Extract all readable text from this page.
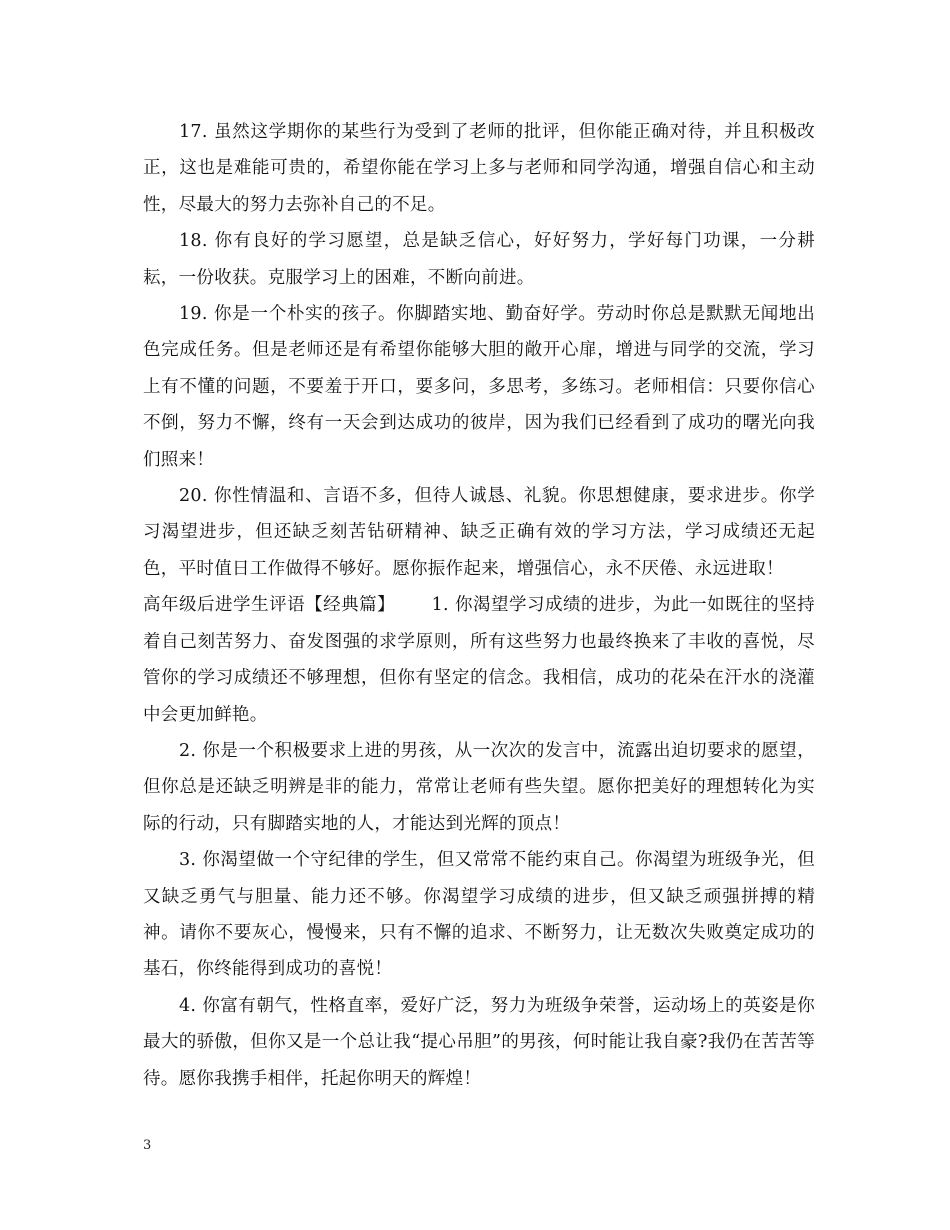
17. 虽然这学期你的某些行为受到了老师的批评，但你能正确对待，并且积极改正，这也是难能可贵的，希望你能在学习上多与老师和同学沟通，增强自信心和主动性，尽最大的努力去弥补自己的不足。

18. 你有良好的学习愿望，总是缺乏信心，好好努力，学好每门功课，一分耕耘，一份收获。克服学习上的困难，不断向前进。

19. 你是一个朴实的孩子。你脚踏实地、勤奋好学。劳动时你总是默默无闻地出色完成任务。但是老师还是有希望你能够大胆的敞开心扉，增进与同学的交流，学习上有不懂的问题，不要羞于开口，要多问，多思考，多练习。老师相信：只要你信心不倒，努力不懈，终有一天会到达成功的彼岸，因为我们已经看到了成功的曙光向我们照来！

20. 你性情温和、言语不多，但待人诚恳、礼貌。你思想健康，要求进步。你学习渴望进步，但还缺乏刻苦钻研精神、缺乏正确有效的学习方法，学习成绩还无起色，平时值日工作做得不够好。愿你振作起来，增强信心，永不厌倦、永远进取！

高年级后进学生评语【经典篇】      1. 你渴望学习成绩的进步，为此一如既往的坚持着自己刻苦努力、奋发图强的求学原则，所有这些努力也最终换来了丰收的喜悦，尽管你的学习成绩还不够理想，但你有坚定的信念。我相信，成功的花朵在汗水的浇灌中会更加鲜艳。

2. 你是一个积极要求上进的男孩，从一次次的发言中，流露出迫切要求的愿望，但你总是还缺乏明辨是非的能力，常常让老师有些失望。愿你把美好的理想转化为实际的行动，只有脚踏实地的人，才能达到光辉的顶点！

3. 你渴望做一个守纪律的学生，但又常常不能约束自己。你渴望为班级争光，但又缺乏勇气与胆量、能力还不够。你渴望学习成绩的进步，但又缺乏顽强拼搏的精神。请你不要灰心，慢慢来，只有不懈的追求、不断努力，让无数次失败奠定成功的基石，你终能得到成功的喜悦！

4. 你富有朝气，性格直率，爱好广泛，努力为班级争荣誉，运动场上的英姿是你最大的骄傲，但你又是一个总让我“提心吊胆”的男孩，何时能让我自豪?我仍在苦苦等待。愿你我携手相伴，托起你明天的辉煌！

3
